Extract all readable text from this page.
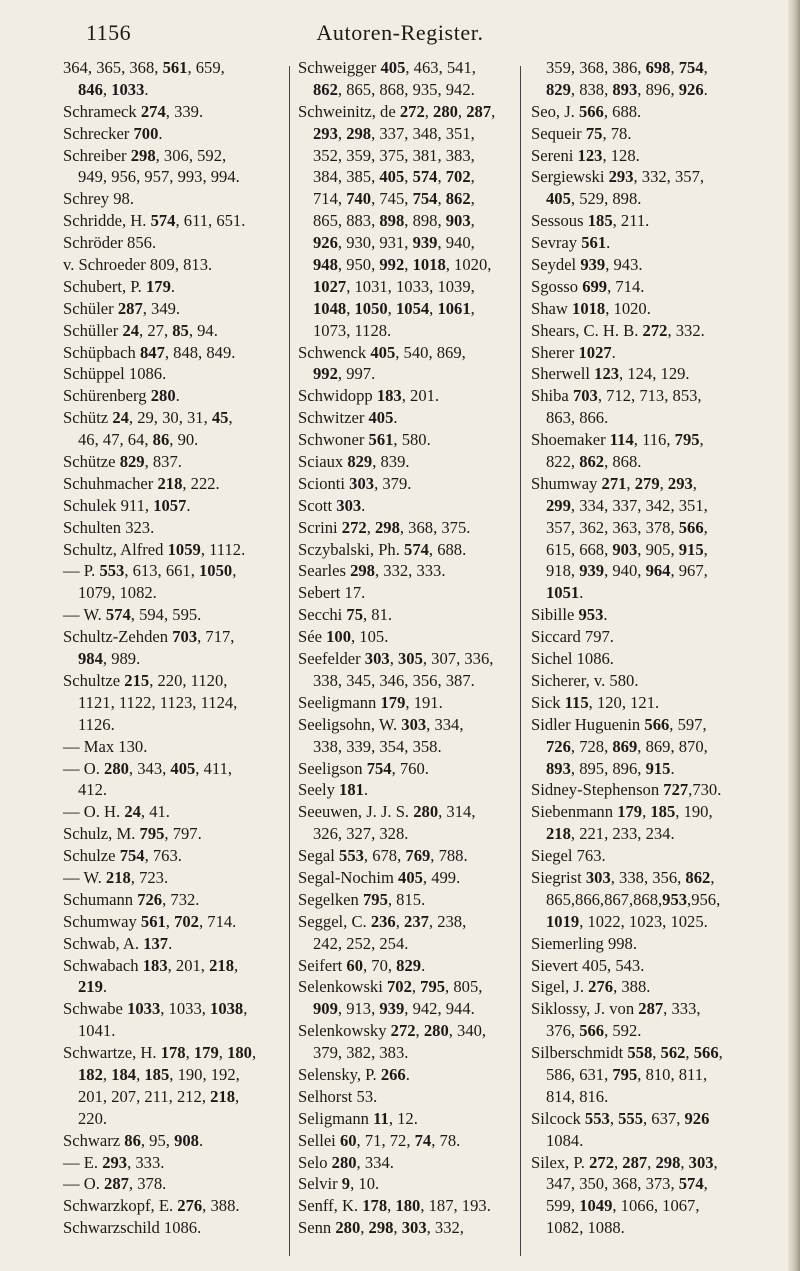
1156	Autoren-Register.
364, 365, 368, 561, 659,
846, 1033.
Schrameck 274, 339.
Schrecker 700.
Schreiber 298, 306, 592,
949, 956, 957, 993, 994.
Schrey 98.
Schridde, H. 574, 611, 651.
Schröder 856.
v. Schroeder 809, 813.
Schubert, P. 179.
Schüler 287, 349.
Schüller 24, 27, 85, 94.
Schüpbach 847, 848, 849.
Schüppel 1086.
Schürenberg 280.
Schütz 24, 29, 30, 31, 45,
46, 47, 64, 86, 90.
Schütze 829, 837.
Schuhmacher 218, 222.
Schulek 911, 1057.
Schulten 323.
Schultz, Alfred 1059, 1112.
— P. 553, 613, 661, 1050,
1079, 1082.
— W. 574, 594, 595.
Schultz-Zehden 703, 717,
984, 989.
Schultze 215, 220, 1120,
1121, 1122, 1123, 1124,
1126.
— Max 130.
— O. 280, 343, 405, 411,
412.
— O. H. 24, 41.
Schulz, M. 795, 797.
Schulze 754, 763.
— W. 218, 723.
Schumann 726, 732.
Schumway 561, 702, 714.
Schwab, A. 137.
Schwabach 183, 201, 218,
219.
Schwabe 1033, 1033, 1038,
1041.
Schwartze, H. 178, 179, 180,
182, 184, 185, 190, 192,
201, 207, 211, 212, 218,
220.
Schwarz 86, 95, 908.
— E. 293, 333.
— O. 287, 378.
Schwarzkopf, E. 276, 388.
Schwarzschild 1086.
Schweigger 405, 463, 541,
862, 865, 868, 935, 942.
Schweinitz, de 272, 280, 287,
293, 298, 337, 348, 351,
352, 359, 375, 381, 383,
384, 385, 405, 574, 702,
714, 740, 745, 754, 862,
865, 883, 898, 898, 903,
926, 930, 931, 939, 940,
948, 950, 992, 1018, 1020,
1027, 1031, 1033, 1039,
1048, 1050, 1054, 1061,
1073, 1128.
Schwenck 405, 540, 869,
992, 997.
Schwidopp 183, 201.
Schwitzer 405.
Schwoner 561, 580.
Sciaux 829, 839.
Scionti 303, 379.
Scott 303.
Scrini 272, 298, 368, 375.
Sczybalski, Ph. 574, 688.
Searles 298, 332, 333.
Sebert 17.
Secchi 75, 81.
Sée 100, 105.
Seefelder 303, 305, 307, 336,
338, 345, 346, 356, 387.
Seeligmann 179, 191.
Seeligsohn, W. 303, 334,
338, 339, 354, 358.
Seeligson 754, 760.
Seely 181.
Seeuwen, J. J. S. 280, 314,
326, 327, 328.
Segal 553, 678, 769, 788.
Segal-Nochim 405, 499.
Segelken 795, 815.
Seggel, C. 236, 237, 238,
242, 252, 254.
Seifert 60, 70, 829.
Selenkowski 702, 795, 805,
909, 913, 939, 942, 944.
Selenkowsky 272, 280, 340,
379, 382, 383.
Selensky, P. 266.
Selhorst 53.
Seligmann 11, 12.
Sellei 60, 71, 72, 74, 78.
Selo 280, 334.
Selvir 9, 10.
Senff, K. 178, 180, 187, 193.
Senn 280, 298, 303, 332,
359, 368, 386, 698, 754,
829, 838, 893, 896, 926.
Seo, J. 566, 688.
Sequeir 75, 78.
Sereni 123, 128.
Sergiewski 293, 332, 357,
405, 529, 898.
Sessous 185, 211.
Sevray 561.
Seydel 939, 943.
Sgosso 699, 714.
Shaw 1018, 1020.
Shears, C. H. B. 272, 332.
Sherer 1027.
Sherwell 123, 124, 129.
Shiba 703, 712, 713, 853,
863, 866.
Shoemaker 114, 116, 795,
822, 862, 868.
Shumway 271, 279, 293,
299, 334, 337, 342, 351,
357, 362, 363, 378, 566,
615, 668, 903, 905, 915,
918, 939, 940, 964, 967,
1051.
Sibille 953.
Siccard 797.
Sichel 1086.
Sicherer, v. 580.
Sick 115, 120, 121.
Sidler Huguenin 566, 597,
726, 728, 869, 869, 870,
893, 895, 896, 915.
Sidney-Stephenson 727,730.
Siebenmann 179, 185, 190,
218, 221, 233, 234.
Siegel 763.
Siegrist 303, 338, 356, 862,
865,866,867,868,953,956,
1019, 1022, 1023, 1025.
Siemerling 998.
Sievert 405, 543.
Sigel, J. 276, 388.
Siklossy, J. von 287, 333,
376, 566, 592.
Silberschmidt 558, 562, 566,
586, 631, 795, 810, 811,
814, 816.
Silcock 553, 555, 637, 926
1084.
Silex, P. 272, 287, 298, 303,
347, 350, 368, 373, 574,
599, 1049, 1066, 1067,
1082, 1088.
